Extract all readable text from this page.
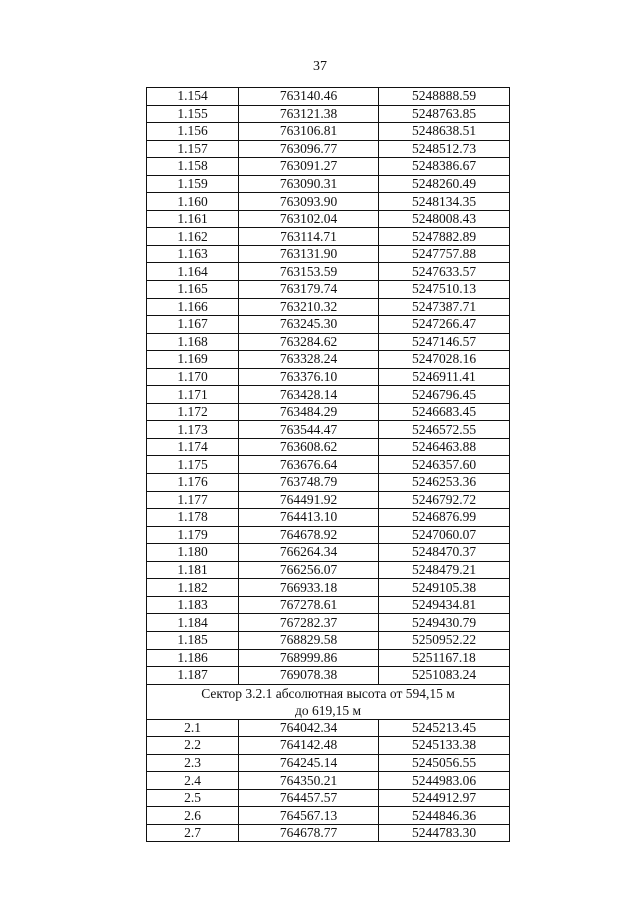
37
1.154	763140.46	5248888.59
1.155	763121.38	5248763.85
1.156	763106.81	5248638.51
1.157	763096.77	5248512.73
1.158	763091.27	5248386.67
1.159	763090.31	5248260.49
1.160	763093.90	5248134.35
1.161	763102.04	5248008.43
1.162	763114.71	5247882.89
1.163	763131.90	5247757.88
1.164	763153.59	5247633.57
1.165	763179.74	5247510.13
1.166	763210.32	5247387.71
1.167	763245.30	5247266.47
1.168	763284.62	5247146.57
1.169	763328.24	5247028.16
1.170	763376.10	5246911.41
1.171	763428.14	5246796.45
1.172	763484.29	5246683.45
1.173	763544.47	5246572.55
1.174	763608.62	5246463.88
1.175	763676.64	5246357.60
1.176	763748.79	5246253.36
1.177	764491.92	5246792.72
1.178	764413.10	5246876.99
1.179	764678.92	5247060.07
1.180	766264.34	5248470.37
1.181	766256.07	5248479.21
1.182	766933.18	5249105.38
1.183	767278.61	5249434.81
1.184	767282.37	5249430.79
1.185	768829.58	5250952.22
1.186	768999.86	5251167.18
1.187	769078.38	5251083.24

Сектор 3.2.1 абсолютная высота от 594,15 м
до 619,15 м		

2.1	764042.34	5245213.45
2.2	764142.48	5245133.38
2.3	764245.14	5245056.55
2.4	764350.21	5244983.06
2.5	764457.57	5244912.97
2.6	764567.13	5244846.36
2.7	764678.77	5244783.30
